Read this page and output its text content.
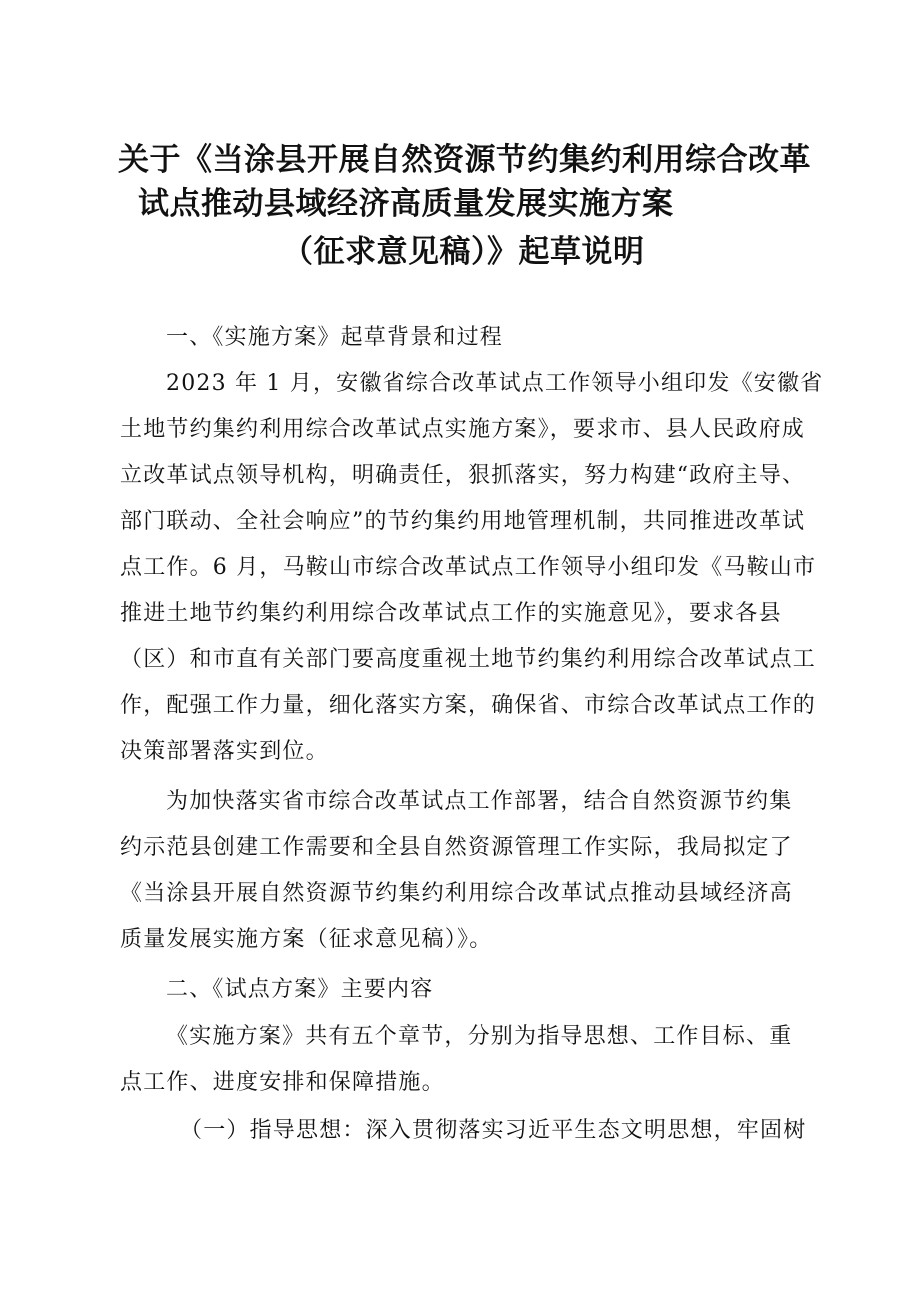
关于《当涂县开展自然资源节约集约利用综合改革
试点推动县域经济高质量发展实施方案
（征求意见稿）》起草说明
一、《实施方案》起草背景和过程
2023 年 1 月，安徽省综合改革试点工作领导小组印发《安徽省
土地节约集约利用综合改革试点实施方案》，要求市、县人民政府成
立改革试点领导机构，明确责任，狠抓落实，努力构建“政府主导、
部门联动、全社会响应”的节约集约用地管理机制，共同推进改革试
点工作。6 月，马鞍山市综合改革试点工作领导小组印发《马鞍山市
推进土地节约集约利用综合改革试点工作的实施意见》，要求各县
（区）和市直有关部门要高度重视土地节约集约利用综合改革试点工
作，配强工作力量，细化落实方案，确保省、市综合改革试点工作的
决策部署落实到位。
为加快落实省市综合改革试点工作部署，结合自然资源节约集
约示范县创建工作需要和全县自然资源管理工作实际，我局拟定了
《当涂县开展自然资源节约集约利用综合改革试点推动县域经济高
质量发展实施方案（征求意见稿）》。
二、《试点方案》主要内容
《实施方案》共有五个章节，分别为指导思想、工作目标、重
点工作、进度安排和保障措施。
（一）指导思想：深入贯彻落实习近平生态文明思想，牢固树
